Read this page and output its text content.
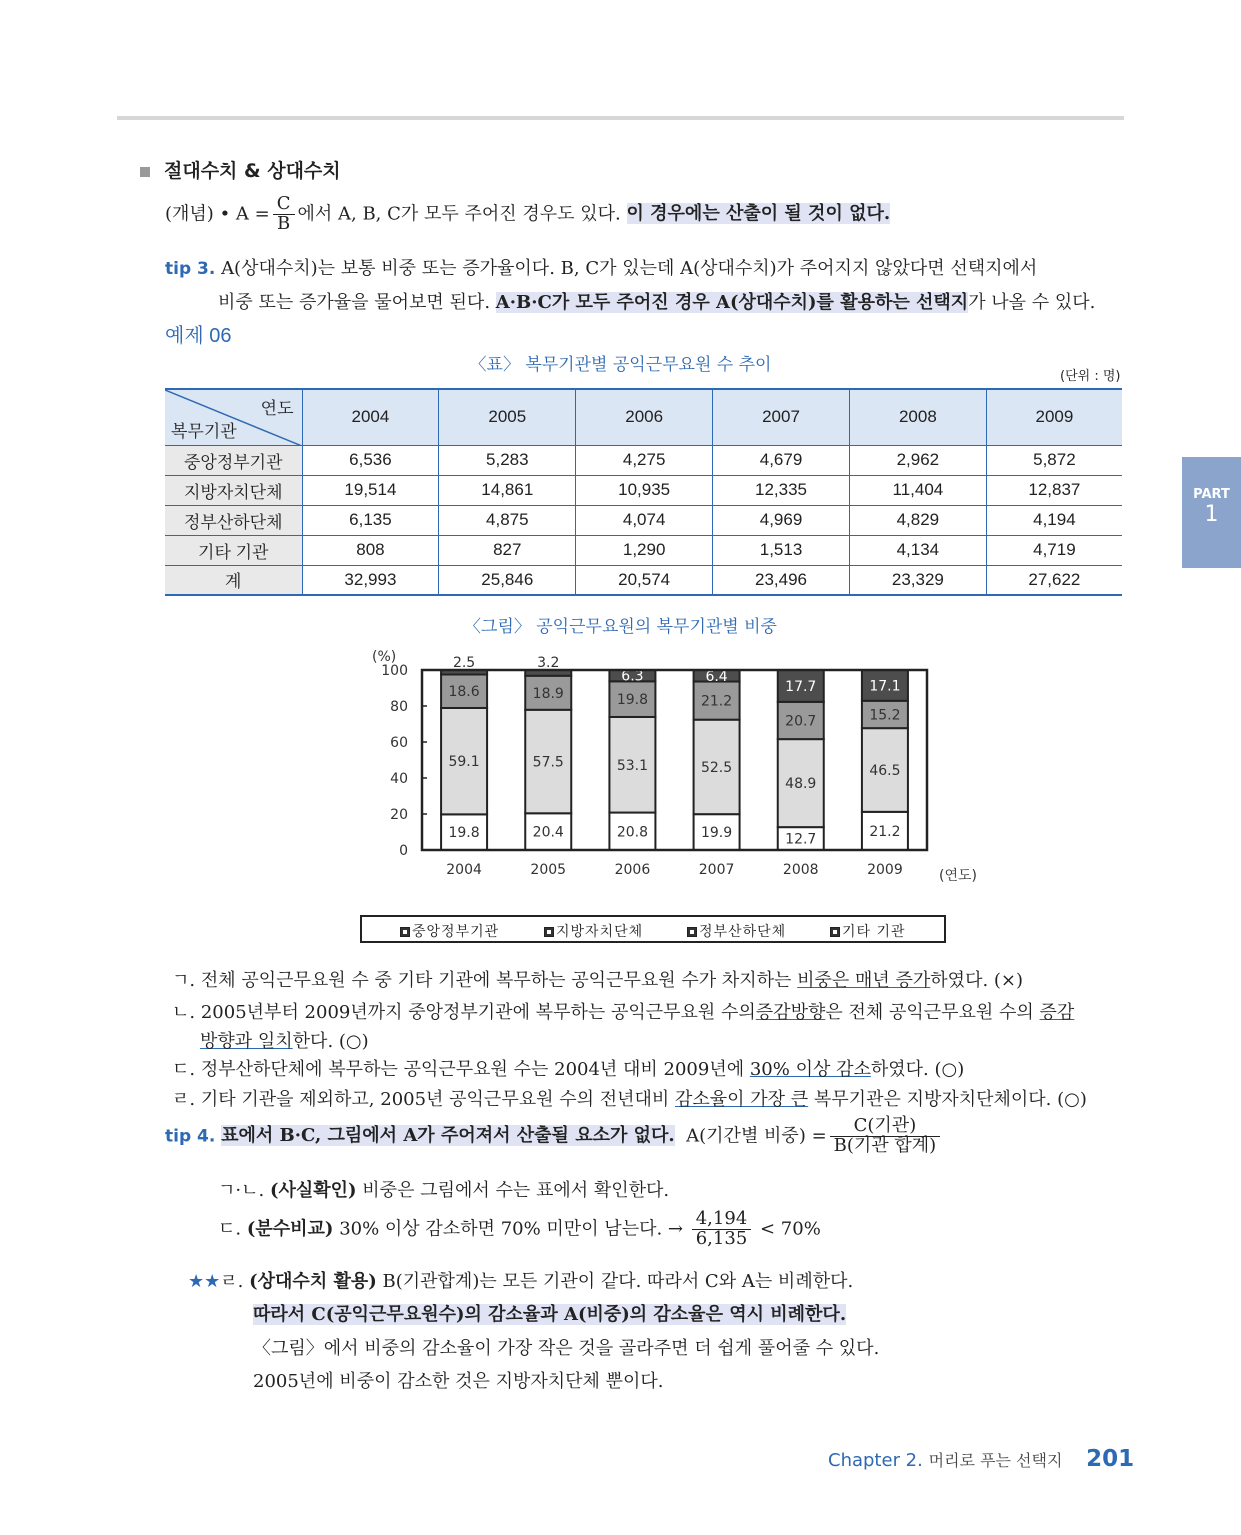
절대수치 & 상대수치
(개념) • $A = \frac{C}{B}$ 에서 A, B, C가 모두 주어진 경우도 있다. 이 경우에는 산출이 될 것이 없다.
tip 3. A(상대수치)는 보통 비중 또는 증가율이다. B, C가 있는데 A(상대수치)가 주어지지 않았다면 선택지에서
비중 또는 증가율을 물어보면 된다. A·B·C가 모두 주어진 경우 A(상대수치)를 활용하는 선택지가 나올 수 있다.
예제 06
〈표〉 복무기관별 공익근무요원 수 추이
(단위 : 명)
연도
복무기관	2004	2005	2006	2007	2008	2009
중앙정부기관	6,536	5,283	4,275	4,679	2,962	5,872
지방자치단체	19,514	14,861	10,935	12,335	11,404	12,837
정부산하단체	6,135	4,875	4,074	4,969	4,829	4,194
기타 기관	808	827	1,290	1,513	4,134	4,719
계	32,993	25,846	20,574	23,496	23,329	27,622
〈그림〉 공익근무요원의 복무기관별 비중
(%)
0
20
40
60
80
100
19.8
59.1
18.6
2.5
2004
20.4
57.5
18.9
3.2
2005
20.8
53.1
19.8
6.3
2006
19.9
52.5
21.2
6.4
2007
12.7
48.9
20.7
17.7
2008
21.2
46.5
15.2
17.1
2009	(연도)
중앙정부기관	지방자치단체	정부산하단체	기타 기관
ㄱ. 전체 공익근무요원 수 중 기타 기관에 복무하는 공익근무요원 수가 차지하는 비중은 매년 증가하였다. (×)
ㄴ. 2005년부터 2009년까지 중앙정부기관에 복무하는 공익근무요원 수의증감방향은 전체 공익근무요원 수의 증감
방향과 일치한다. (○)
ㄷ. 정부산하단체에 복무하는 공익근무요원 수는 2004년 대비 2009년에 30% 이상 감소하였다. (○)
ㄹ. 기타 기관을 제외하고, 2005년 공익근무요원 수의 전년대비 감소율이 가장 큰 복무기관은 지방자치단체이다. (○)
tip 4. 표에서 B·C, 그림에서 A가 주어져서 산출될 요소가 없다. A(기간별 비중) = $\frac{\text{C(기관)}}{\text{B(기관 합계)}}$
ㄱ·ㄴ. (사실확인) 비중은 그림에서 수는 표에서 확인한다.
ㄷ. (분수비교) 30% 이상 감소하면 70% 미만이 남는다. → $\frac{4,194}{6,135} < 70\%$
★★ㄹ. (상대수치 활용) B(기관합계)는 모든 기관이 같다. 따라서 C와 A는 비례한다.
따라서 C(공익근무요원수)의 감소율과 A(비중)의 감소율은 역시 비례한다.
〈그림〉에서 비중의 감소율이 가장 작은 것을 골라주면 더 쉽게 풀어줄 수 있다.
2005년에 비중이 감소한 것은 지방자치단체 뿐이다.
PART
1
Chapter 2. 머리로 푸는 선택지 201
